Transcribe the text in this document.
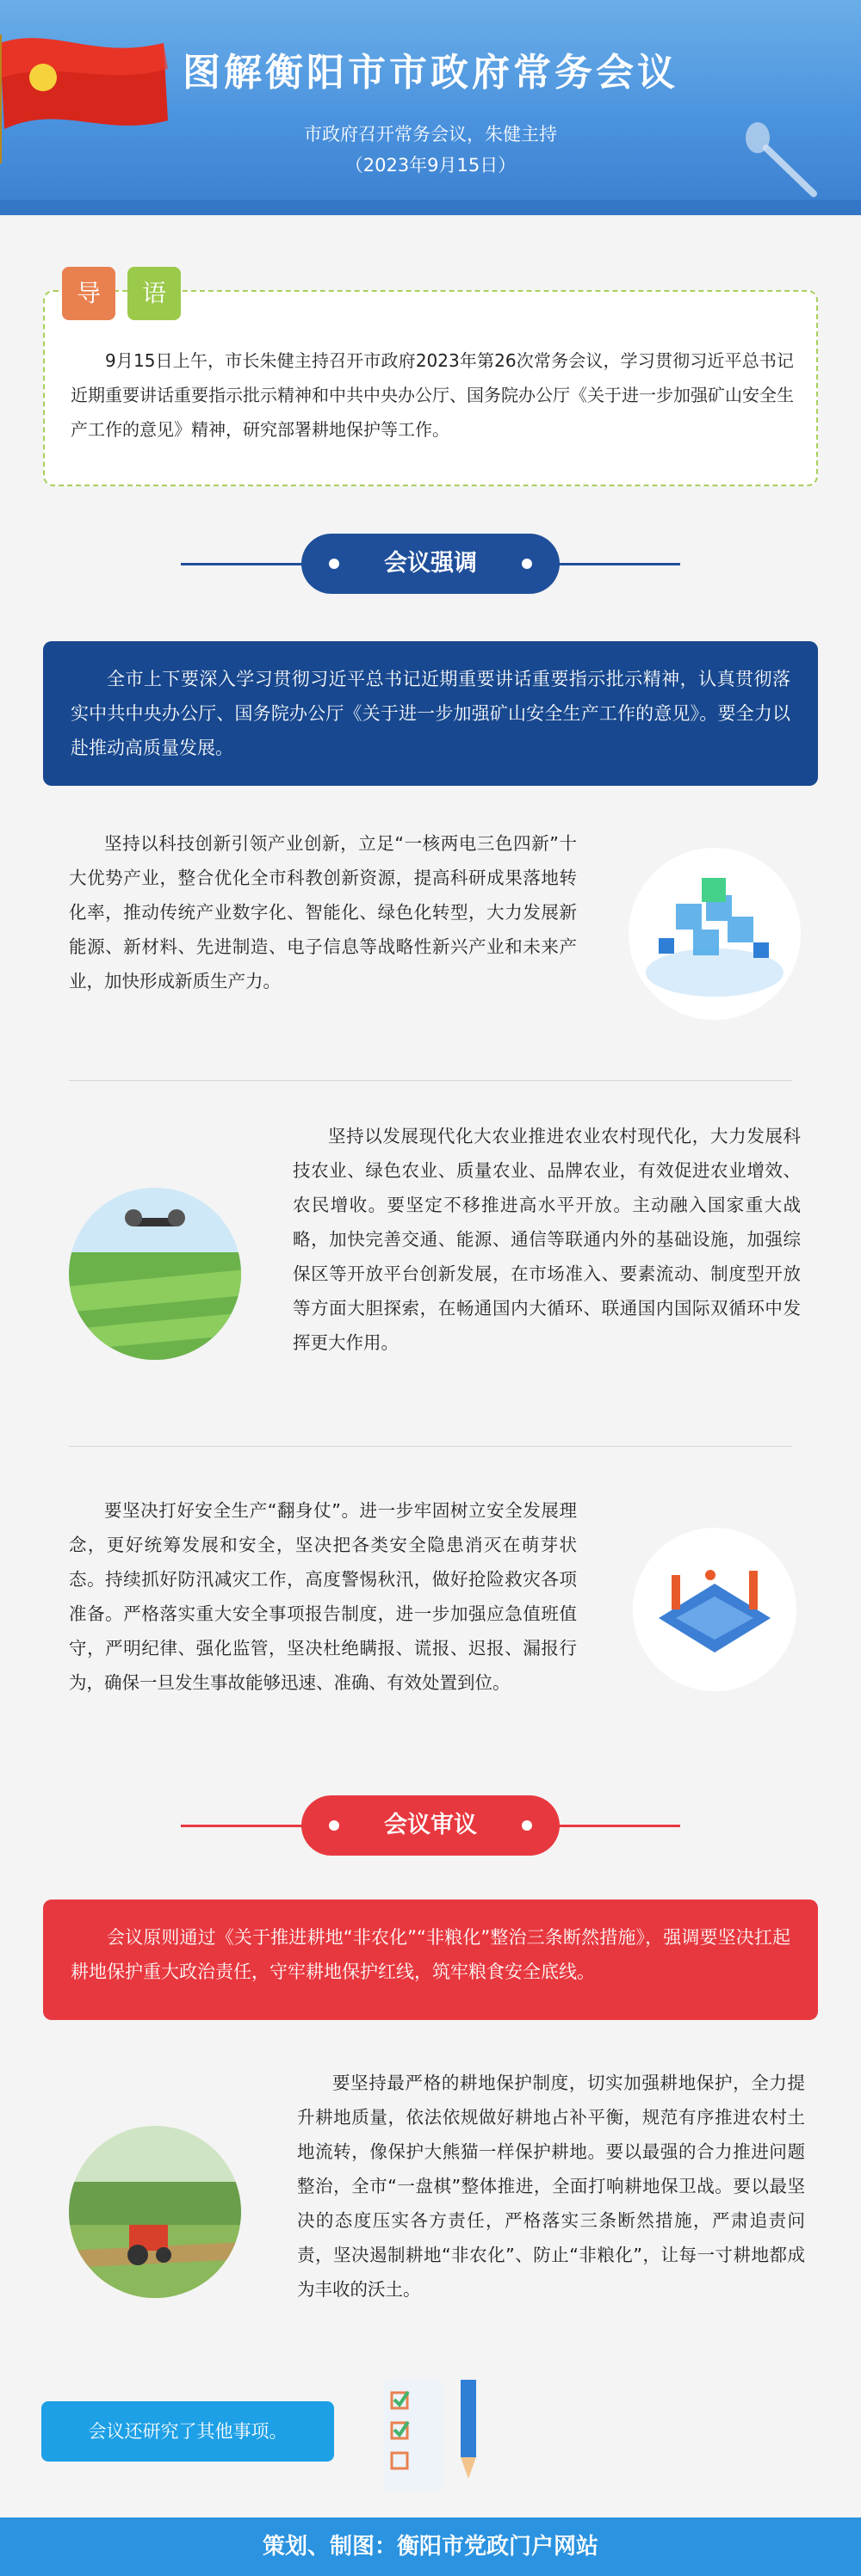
图解衡阳市市政府常务会议
市政府召开常务会议，朱健主持
（2023年9月15日）

9月15日上午，市长朱健主持召开市政府2023年第26次常务会议，学习贯彻习近平总书记近期重要讲话重要指示批示精神和中共中央办公厅、国务院办公厅《关于进一步加强矿山安全生产工作的意见》精神，研究部署耕地保护等工作。

导	语
会议强调
全市上下要深入学习贯彻习近平总书记近期重要讲话重要指示批示精神，认真贯彻落实中共中央办公厅、国务院办公厅《关于进一步加强矿山安全生产工作的意见》。要全力以赴推动高质量发展。
坚持以科技创新引领产业创新，立足“一核两电三色四新”十大优势产业，整合优化全市科教创新资源，提高科研成果落地转化率，推动传统产业数字化、智能化、绿色化转型，大力发展新能源、新材料、先进制造、电子信息等战略性新兴产业和未来产业，加快形成新质生产力。
坚持以发展现代化大农业推进农业农村现代化，大力发展科技农业、绿色农业、质量农业、品牌农业，有效促进农业增效、农民增收。要坚定不移推进高水平开放。主动融入国家重大战略，加快完善交通、能源、通信等联通内外的基础设施，加强综保区等开放平台创新发展，在市场准入、要素流动、制度型开放等方面大胆探索，在畅通国内大循环、联通国内国际双循环中发挥更大作用。
要坚决打好安全生产“翻身仗”。进一步牢固树立安全发展理念，更好统筹发展和安全，坚决把各类安全隐患消灭在萌芽状态。持续抓好防汛减灾工作，高度警惕秋汛，做好抢险救灾各项准备。严格落实重大安全事项报告制度，进一步加强应急值班值守，严明纪律、强化监管，坚决杜绝瞒报、谎报、迟报、漏报行为，确保一旦发生事故能够迅速、准确、有效处置到位。
会议审议
会议原则通过《关于推进耕地“非农化”“非粮化”整治三条断然措施》，强调要坚决扛起耕地保护重大政治责任，守牢耕地保护红线，筑牢粮食安全底线。
要坚持最严格的耕地保护制度，切实加强耕地保护，全力提升耕地质量，依法依规做好耕地占补平衡，规范有序推进农村土地流转，像保护大熊猫一样保护耕地。要以最强的合力推进问题整治，全市“一盘棋”整体推进，全面打响耕地保卫战。要以最坚决的态度压实各方责任，严格落实三条断然措施，严肃追责问责，坚决遏制耕地“非农化”、防止“非粮化”，让每一寸耕地都成为丰收的沃土。
会议还研究了其他事项。
策划、制图：衡阳市党政门户网站
